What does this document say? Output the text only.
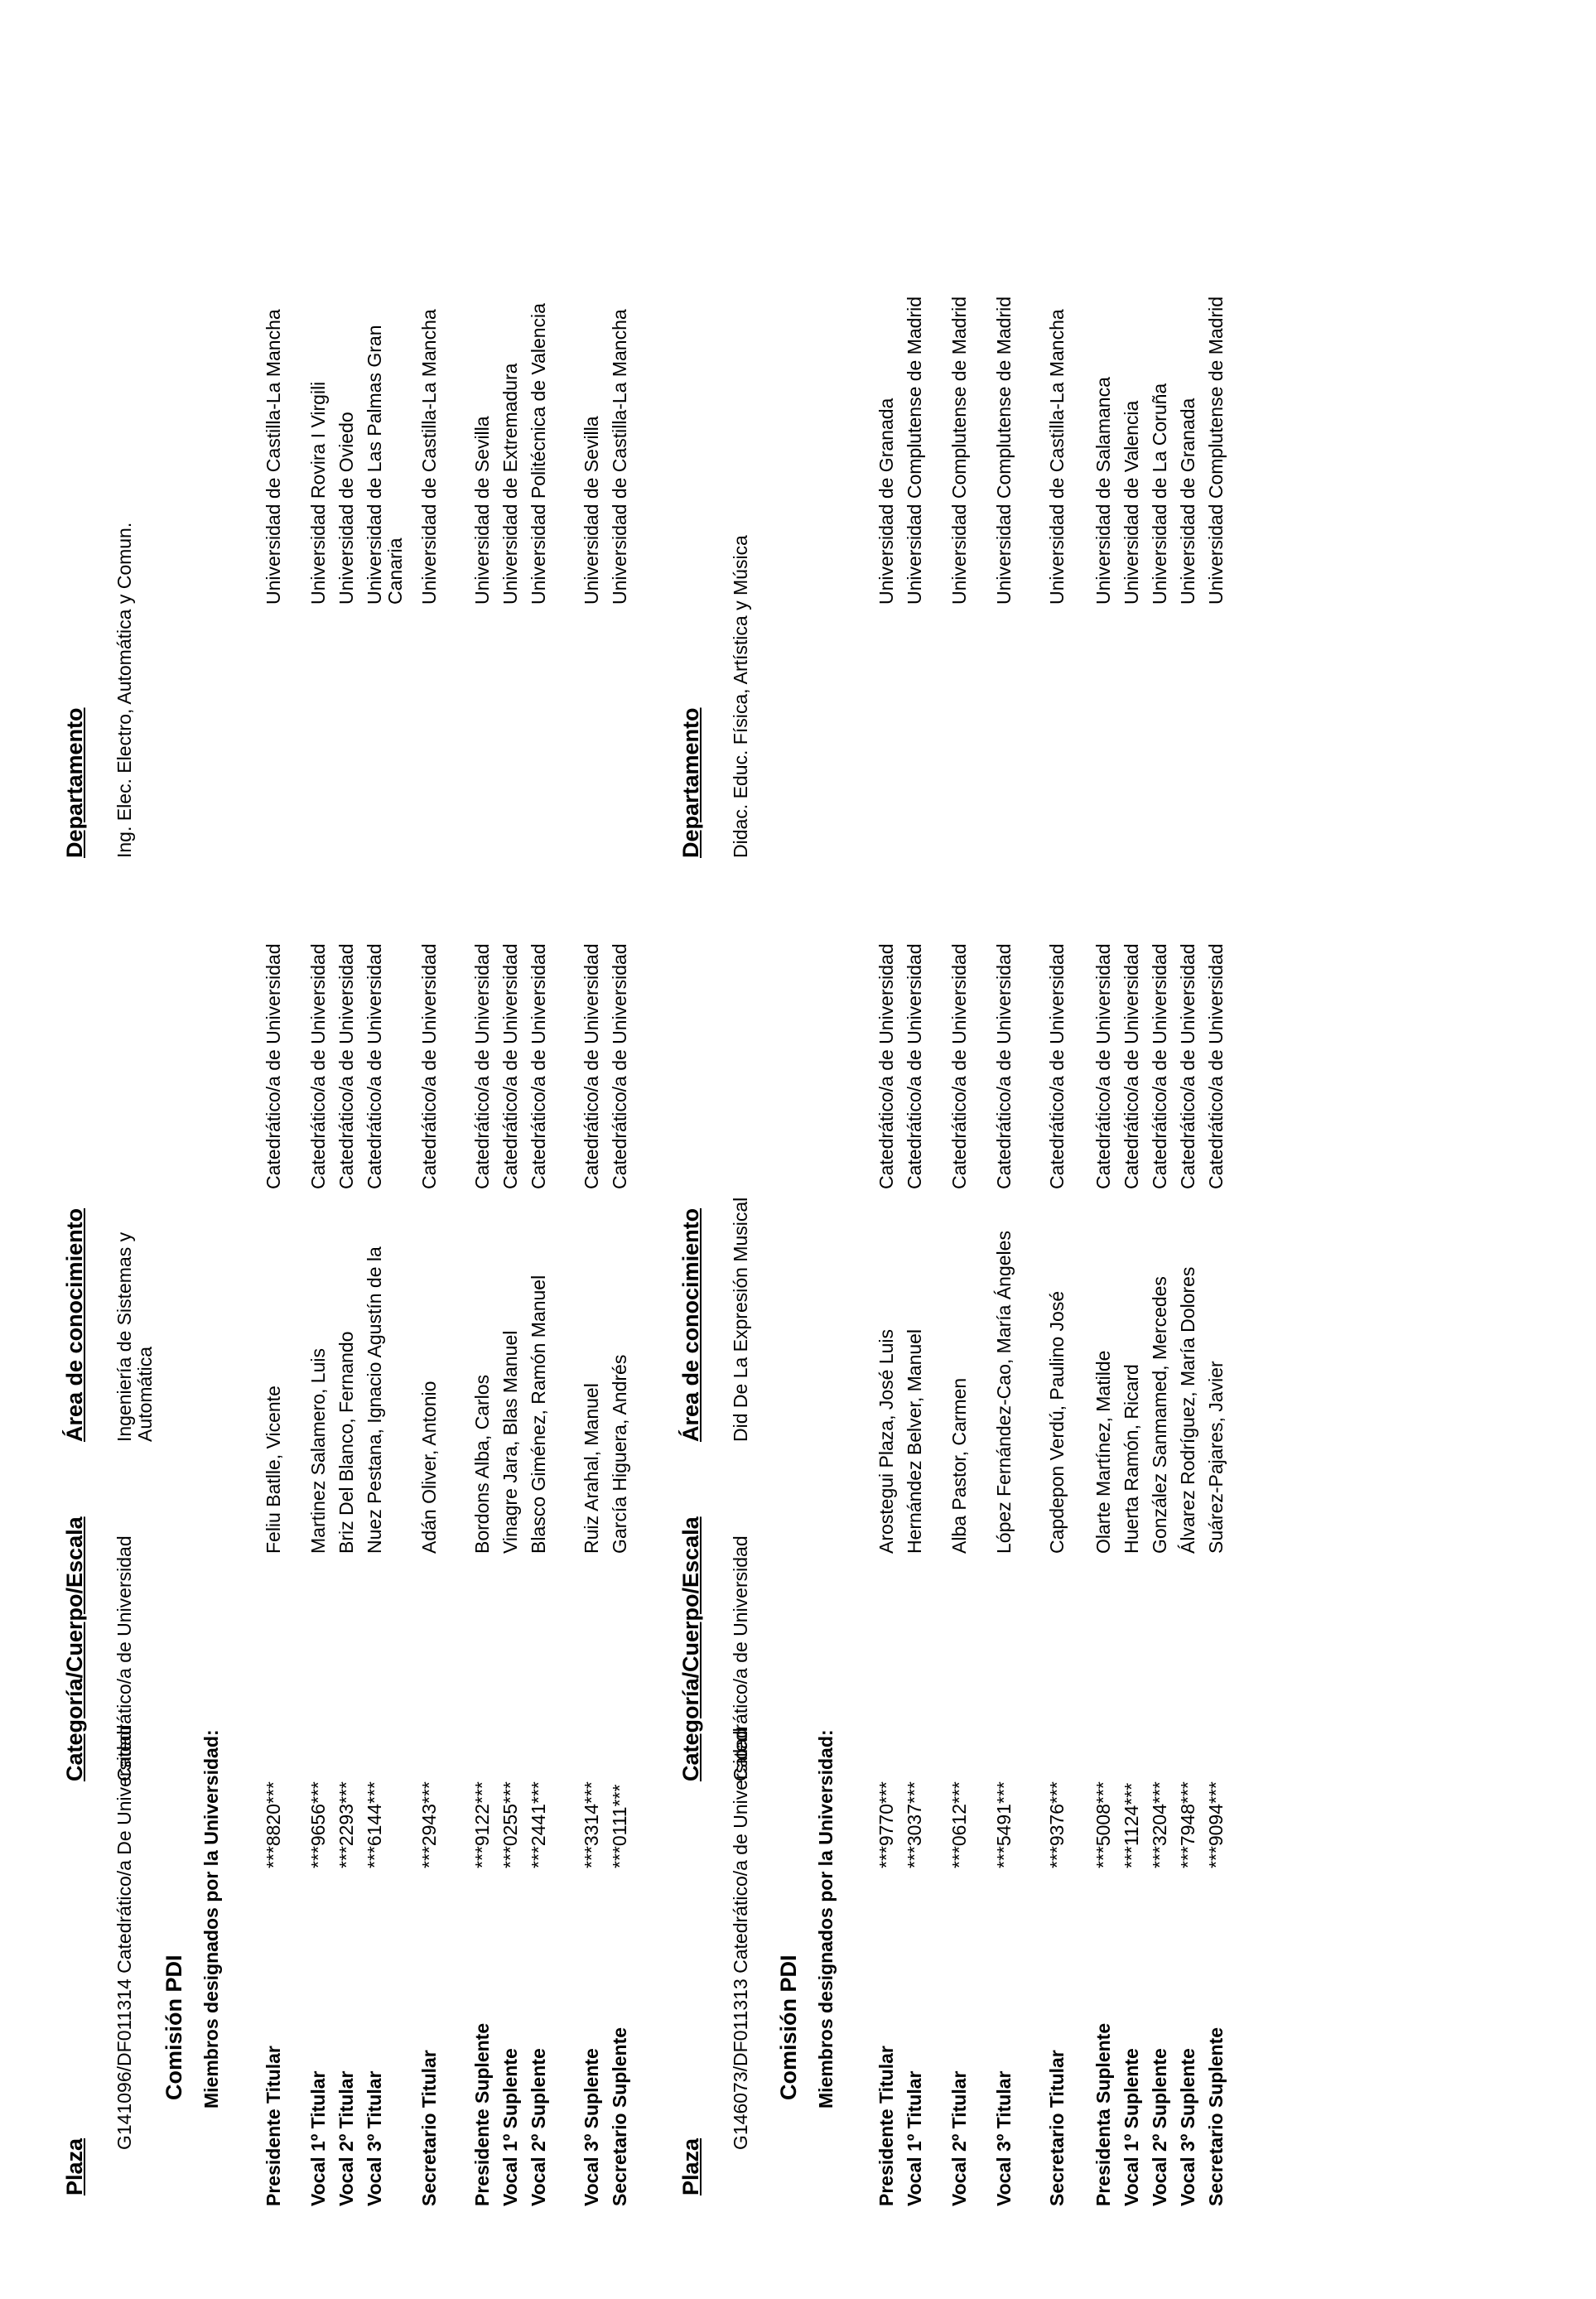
Plaza
Categoría/Cuerpo/Escala
Área de conocimiento
Departamento
G141096/DF011314 Catedrático/a De Universidad
Catedrático/a de Universidad
Ingeniería de Sistemas y Automática
Ing. Elec. Electro, Automática y Comun.
Comisión PDI Miembros designados por la Universidad:
Presidente Titular
***8820***
Feliu Batlle, Vicente
Catedrático/a de Universidad
Universidad de Castilla-La Mancha
Vocal 1º Titular
***9656***
Martinez Salamero, Luis
Catedrático/a de Universidad
Universidad Rovira I Virgili
Vocal 2º Titular
***2293***
Briz Del Blanco, Fernando
Catedrático/a de Universidad
Universidad de Oviedo
Vocal 3º Titular
***6144***
Nuez Pestana, Ignacio Agustín de la
Catedrático/a de Universidad
Universidad de Las Palmas Gran Canaria
Secretario Titular
***2943***
Adán Oliver, Antonio
Catedrático/a de Universidad
Universidad de Castilla-La Mancha
Presidente Suplente
***9122***
Bordons Alba, Carlos
Catedrático/a de Universidad
Universidad de Sevilla
Vocal 1º Suplente
***0255***
Vinagre Jara, Blas Manuel
Catedrático/a de Universidad
Universidad de Extremadura
Vocal 2º Suplente
***2441***
Blasco Giménez, Ramón Manuel
Catedrático/a de Universidad
Universidad Politécnica de Valencia
Vocal 3º Suplente
***3314***
Ruiz Arahal, Manuel
Catedrático/a de Universidad
Universidad de Sevilla
Secretario Suplente
***0111***
García Higuera, Andrés
Catedrático/a de Universidad
Universidad de Castilla-La Mancha
Plaza
Categoría/Cuerpo/Escala
Área de conocimiento
Departamento
G146073/DF011313 Catedrático/a de Universidad
Catedrático/a de Universidad
Did De La Expresión Musical
Didac. Educ. Física, Artística y Música
Comisión PDI Miembros designados por la Universidad:
Presidente Titular
***9770***
Arostegui Plaza, José Luis
Catedrático/a de Universidad
Universidad de Granada
Vocal 1º Titular
***3037***
Hernández Belver, Manuel
Catedrático/a de Universidad
Universidad Complutense de Madrid
Vocal 2º Titular
***0612***
Alba Pastor, Carmen
Catedrático/a de Universidad
Universidad Complutense de Madrid
Vocal 3º Titular
***5491***
López Fernández-Cao, María Ángeles
Catedrático/a de Universidad
Universidad Complutense de Madrid
Secretario Titular
***9376***
Capdepon Verdú, Paulino José
Catedrático/a de Universidad
Universidad de Castilla-La Mancha
Presidenta Suplente
***5008***
Olarte Martínez, Matilde
Catedrático/a de Universidad
Universidad de Salamanca
Vocal 1º Suplente
***1124***
Huerta Ramón, Ricard
Catedrático/a de Universidad
Universidad de Valencia
Vocal 2º Suplente
***3204***
González Sanmamed, Mercedes
Catedrático/a de Universidad
Universidad de La Coruña
Vocal 3º Suplente
***7948***
Álvarez Rodríguez, María Dolores
Catedrático/a de Universidad
Universidad de Granada
Secretario Suplente
***9094***
Suárez-Pajares, Javier
Catedrático/a de Universidad
Universidad Complutense de Madrid
